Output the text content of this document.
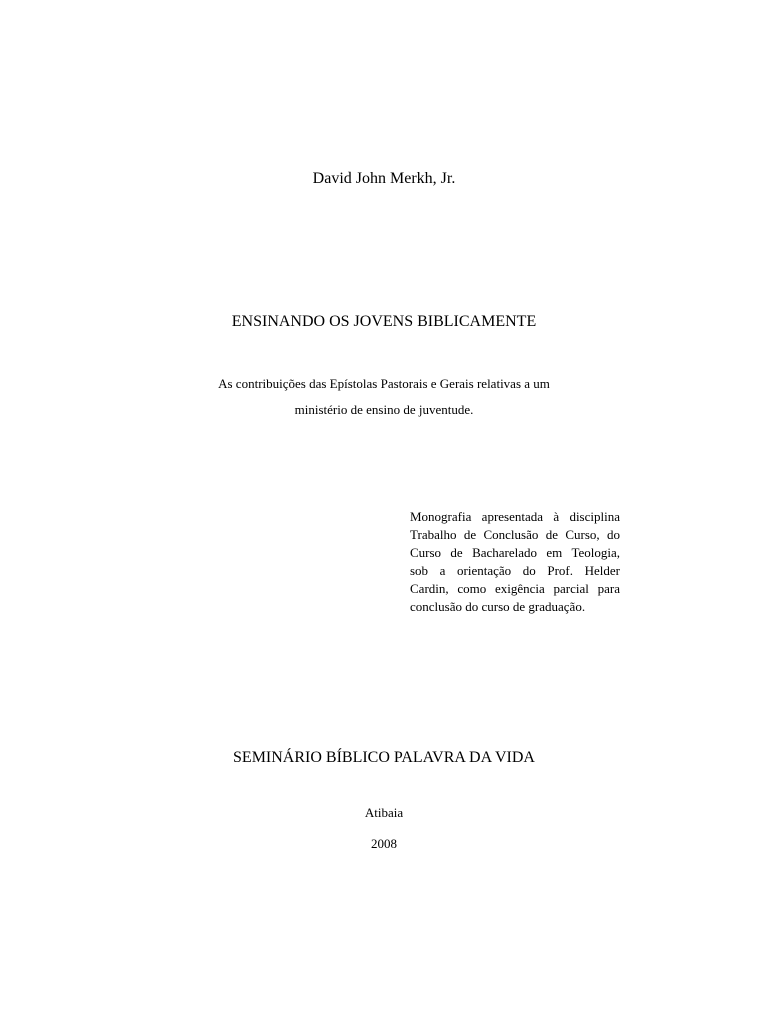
David John Merkh, Jr.
ENSINANDO OS JOVENS BIBLICAMENTE
As contribuições das Epístolas Pastorais e Gerais relativas a um
ministério de ensino de juventude.
Monografia apresentada à disciplina
Trabalho de Conclusão de Curso, do
Curso de Bacharelado em Teologia,
sob a orientação do Prof. Helder
Cardin, como exigência parcial para
conclusão do curso de graduação.
SEMINÁRIO BÍBLICO PALAVRA DA VIDA
Atibaia
2008
